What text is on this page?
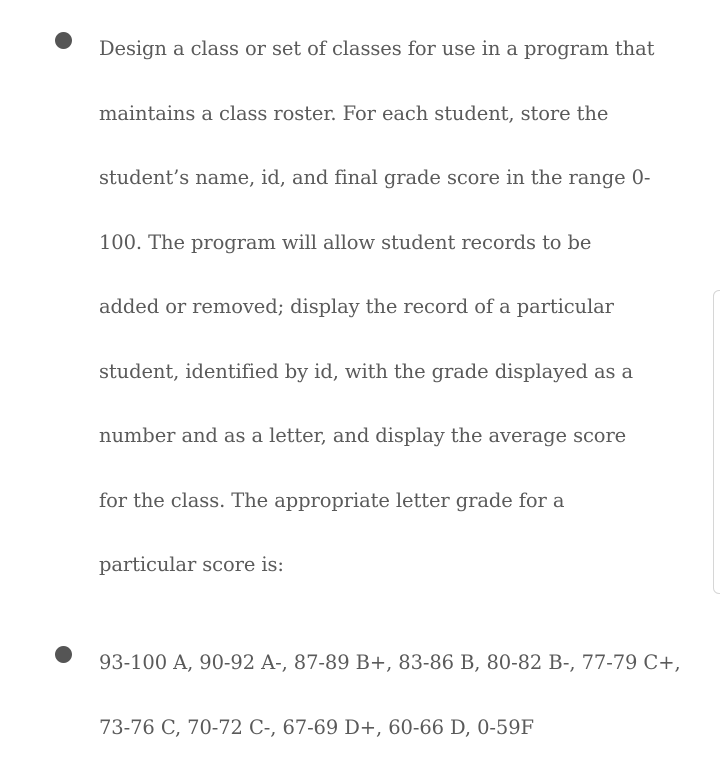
Design a class or set of classes for use in a program that
maintains a class roster. For each student, store the
student’s name, id, and final grade score in the range 0-
100. The program will allow student records to be
added or removed; display the record of a particular
student, identified by id, with the grade displayed as a
number and as a letter, and display the average score
for the class. The appropriate letter grade for a
particular score is:
93-100 A, 90-92 A-, 87-89 B+, 83-86 B, 80-82 B-, 77-79 C+,
73-76 C, 70-72 C-, 67-69 D+, 60-66 D, 0-59F
